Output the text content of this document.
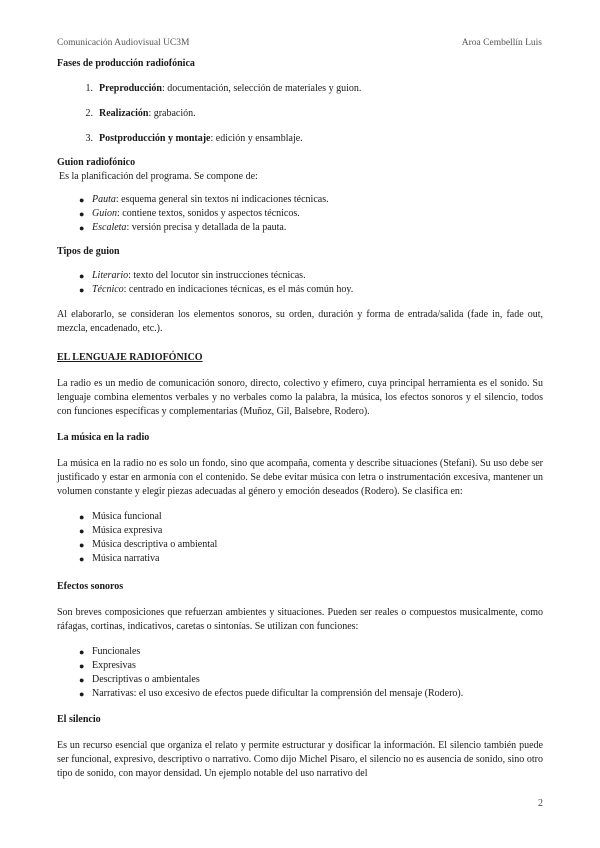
Comunicación Audiovisual UC3M	Aroa Cembellín Luis

Fases de producción radiofónica

1. Preproducción: documentación, selección de materiales y guion.
2. Realización: grabación.
3. Postproducción y montaje: edición y ensamblaje.

Guion radiofónico

Es la planificación del programa. Se compone de:

● Pauta: esquema general sin textos ni indicaciones técnicas.
● Guion: contiene textos, sonidos y aspectos técnicos.
● Escaleta: versión precisa y detallada de la pauta.

Tipos de guion

● Literario: texto del locutor sin instrucciones técnicas.
● Técnico: centrado en indicaciones técnicas, es el más común hoy.

Al elaborarlo, se consideran los elementos sonoros, su orden, duración y forma de entrada/salida (fade in, fade out, mezcla, encadenado, etc.).

EL LENGUAJE RADIOFÓNICO

La radio es un medio de comunicación sonoro, directo, colectivo y efímero, cuya principal herramienta es el sonido. Su lenguaje combina elementos verbales y no verbales como la palabra, la música, los efectos sonoros y el silencio, todos con funciones específicas y complementarias (Muñoz, Gil, Balsebre, Rodero).

La música en la radio

La música en la radio no es solo un fondo, sino que acompaña, comenta y describe situaciones (Stefani). Su uso debe ser justificado y estar en armonía con el contenido. Se debe evitar música con letra o instrumentación excesiva, mantener un volumen constante y elegir piezas adecuadas al género y emoción deseados (Rodero). Se clasifica en:

● Música funcional
● Música expresiva
● Música descriptiva o ambiental
● Música narrativa

Efectos sonoros

Son breves composiciones que refuerzan ambientes y situaciones. Pueden ser reales o compuestos musicalmente, como ráfagas, cortinas, indicativos, caretas o sintonías. Se utilizan con funciones:

● Funcionales
● Expresivas
● Descriptivas o ambientales
● Narrativas: el uso excesivo de efectos puede dificultar la comprensión del mensaje (Rodero).

El silencio

Es un recurso esencial que organiza el relato y permite estructurar y dosificar la información. El silencio también puede ser funcional, expresivo, descriptivo o narrativo. Como dijo Michel Pisaro, el silencio no es ausencia de sonido, sino otro tipo de sonido, con mayor densidad. Un ejemplo notable del uso narrativo del

2
